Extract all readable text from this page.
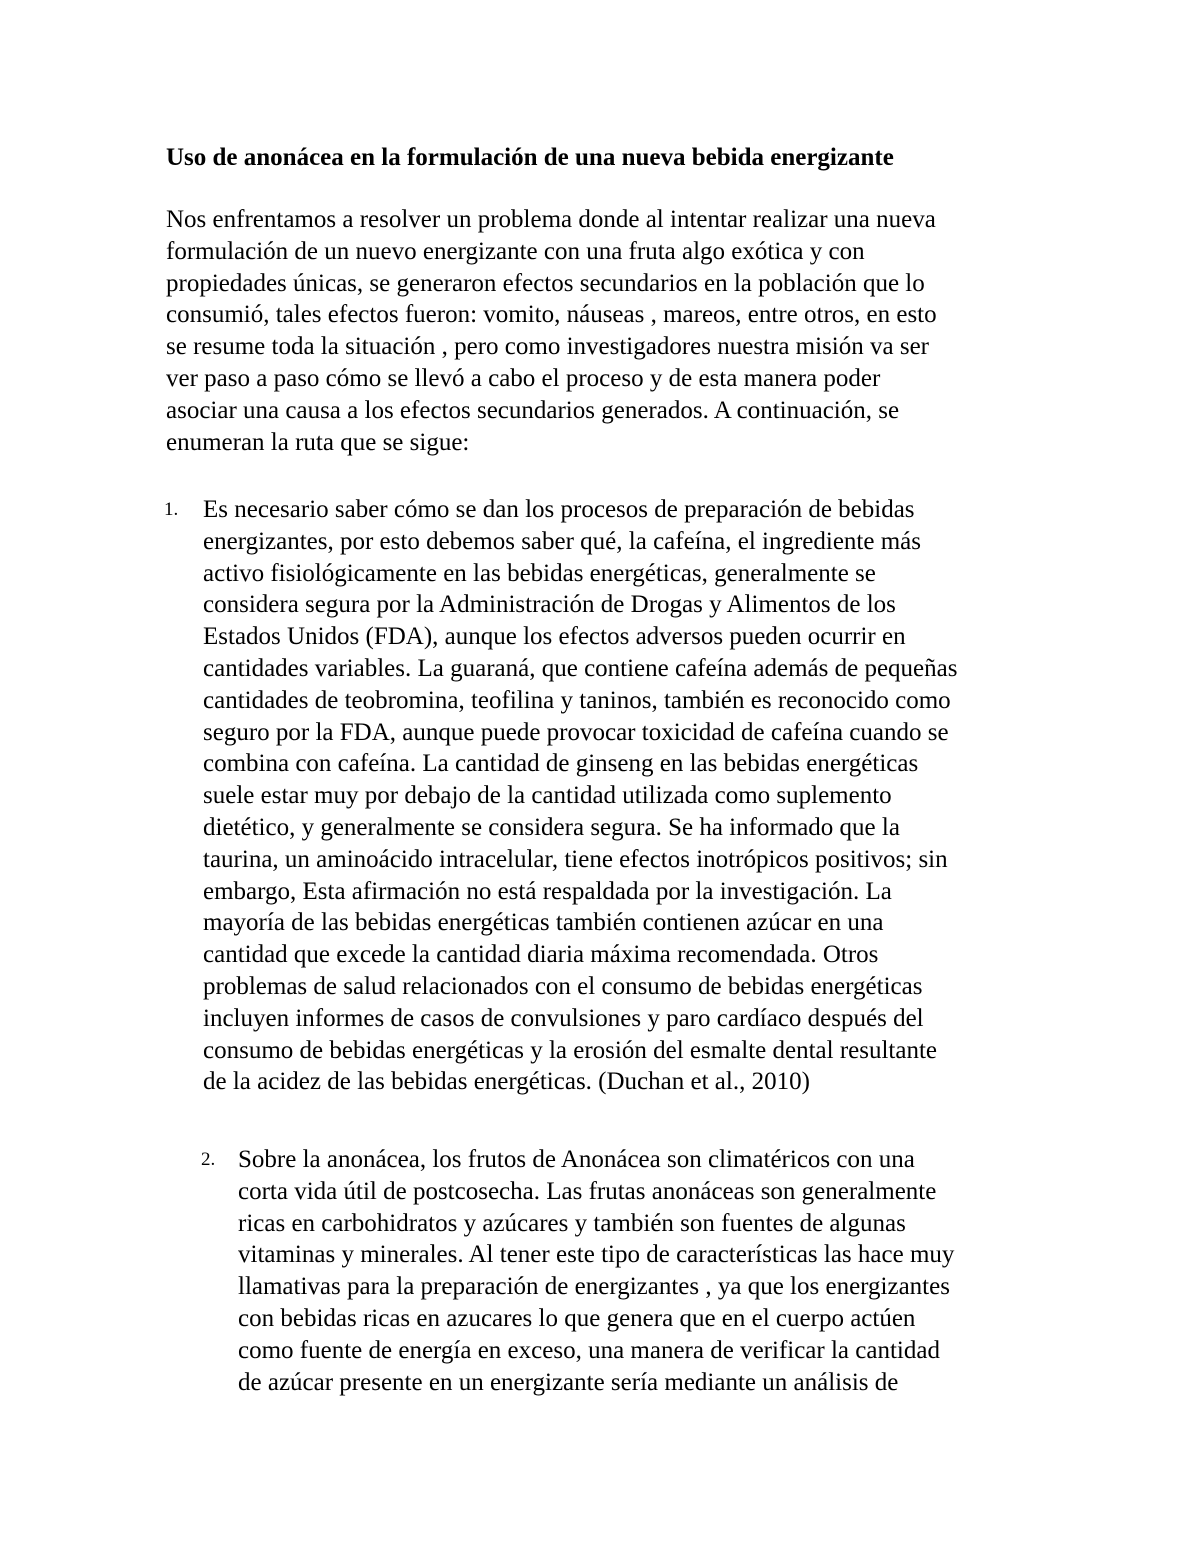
Uso de anonácea en la formulación de una nueva bebida energizante
Nos enfrentamos a resolver un problema donde al intentar realizar una nueva
formulación de un nuevo energizante con una fruta algo exótica y con
propiedades únicas, se generaron efectos secundarios en la población que lo
consumió, tales efectos fueron: vomito, náuseas , mareos, entre otros, en esto
se resume toda la situación , pero como investigadores nuestra misión va ser
ver paso a paso cómo se llevó a cabo el proceso y de esta manera poder
asociar una causa a los efectos secundarios generados. A continuación, se
enumeran la ruta que se sigue:
1. Es necesario saber cómo se dan los procesos de preparación de bebidas
energizantes, por esto debemos saber qué, la cafeína, el ingrediente más
activo fisiológicamente en las bebidas energéticas, generalmente se
considera segura por la Administración de Drogas y Alimentos de los
Estados Unidos (FDA), aunque los efectos adversos pueden ocurrir en
cantidades variables. La guaraná, que contiene cafeína además de pequeñas
cantidades de teobromina, teofilina y taninos, también es reconocido como
seguro por la FDA, aunque puede provocar toxicidad de cafeína cuando se
combina con cafeína. La cantidad de ginseng en las bebidas energéticas
suele estar muy por debajo de la cantidad utilizada como suplemento
dietético, y generalmente se considera segura. Se ha informado que la
taurina, un aminoácido intracelular, tiene efectos inotrópicos positivos; sin
embargo, Esta afirmación no está respaldada por la investigación. La
mayoría de las bebidas energéticas también contienen azúcar en una
cantidad que excede la cantidad diaria máxima recomendada. Otros
problemas de salud relacionados con el consumo de bebidas energéticas
incluyen informes de casos de convulsiones y paro cardíaco después del
consumo de bebidas energéticas y la erosión del esmalte dental resultante
de la acidez de las bebidas energéticas. (Duchan et al., 2010)
2. Sobre la anonácea, los frutos de Anonácea son climatéricos con una
corta vida útil de postcosecha. Las frutas anonáceas son generalmente
ricas en carbohidratos y azúcares y también son fuentes de algunas
vitaminas y minerales. Al tener este tipo de características las hace muy
llamativas para la preparación de energizantes , ya que los energizantes
con bebidas ricas en azucares lo que genera que en el cuerpo actúen
como fuente de energía en exceso, una manera de verificar la cantidad
de azúcar presente en un energizante sería mediante un análisis de
